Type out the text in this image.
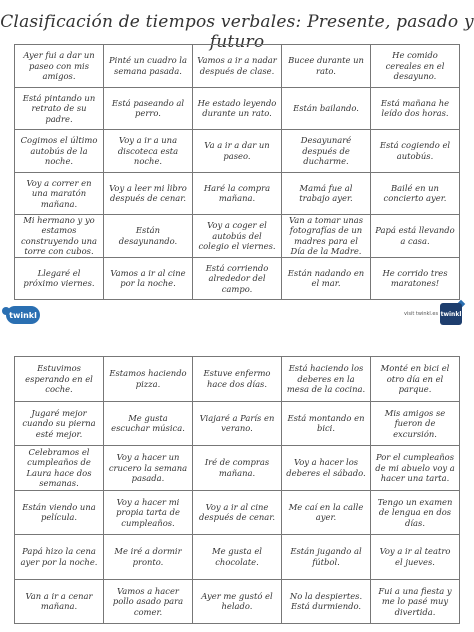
Clasificación de tiempos verbales: Presente, pasado y futuro
Ayer fui a dar un paseo con mis amigos.
Pinté un cuadro la semana pasada.
Vamos a ir a nadar después de clase.
Bucee durante un rato.
He comido cereales en el desayuno.
Está pintando un retrato de su padre.
Está paseando al perro.
He estado leyendo durante un rato.
Están bailando.
Está mañana he leído dos horas.
Cogimos el último autobús de la noche.
Voy a ir a una discoteca esta noche.
Va a ir a dar un paseo.
Desayunaré después de ducharme.
Está cogiendo el autobús.
Voy a correr en una maratón mañana.
Voy a leer mi libro después de cenar.
Haré la compra mañana.
Mamá fue al trabajo ayer.
Bailé en un concierto ayer.
Mi hermano y yo estamos construyendo una torre con cubos.
Están desayunando.
Voy a coger el autobús del colegio el viernes.
Van a tomar unas fotografías de un madres para el Día de la Madre.
Papá está llevando a casa.
Llegaré el próximo viernes.
Vamos a ir al cine por la noche.
Está corriendo alrededor del campo.
Están nadando en el mar.
He corrido tres maratones!
twinkl	visit twinkl.es twinkl
Estuvimos esperando en el coche.
Estamos haciendo pizza.
Estuve enfermo hace dos días.
Está haciendo los deberes en la mesa de la cocina.
Monté en bici el otro día en el parque.
Jugaré mejor cuando su pierna esté mejor.
Me gusta escuchar música.
Viajaré a París en verano.
Está montando en bici.
Mis amigos se fueron de excursión.
Celebramos el cumpleaños de Laura hace dos semanas.
Voy a hacer un crucero la semana pasada.
Iré de compras mañana.
Voy a hacer los deberes el sábado.
Por el cumpleaños de mi abuelo voy a hacer una tarta.
Están viendo una película.
Voy a hacer mi propia tarta de cumpleaños.
Voy a ir al cine después de cenar.
Me caí en la calle ayer.
Tengo un examen de lengua en dos días.
Papá hizo la cena ayer por la noche.
Me iré a dormir pronto.
Me gusta el chocolate.
Están jugando al fútbol.
Voy a ir al teatro el jueves.
Van a ir a cenar mañana.
Vamos a hacer pollo asado para comer.
Ayer me gustó el helado.
No la despiertes. Está durmiendo.
Fui a una fiesta y me lo pasé muy divertida.
